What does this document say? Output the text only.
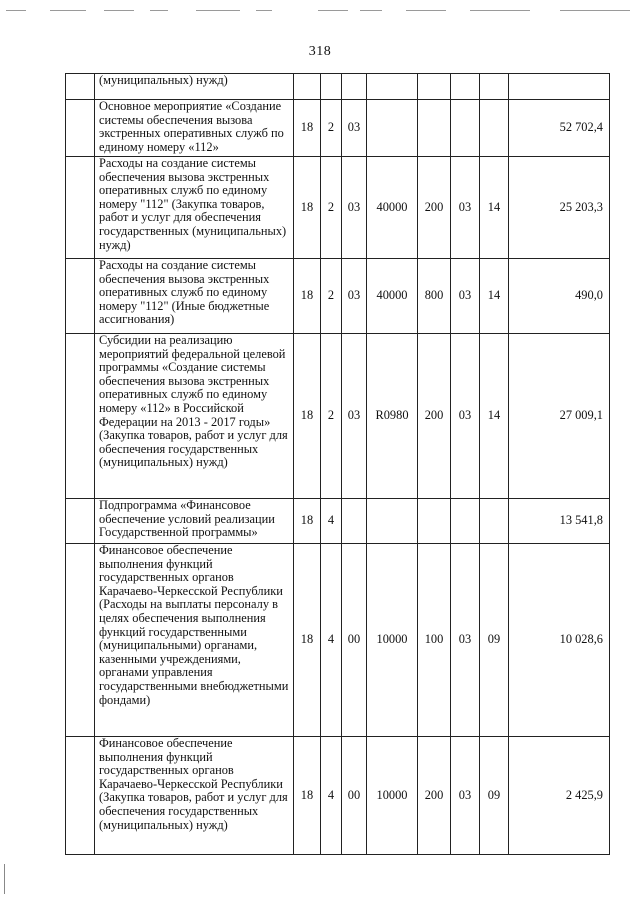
318
	(муниципальных) нужд)								
	Основное мероприятие «Создание системы обеспечения вызова экстренных оперативных служб по единому номеру «112»	18	2	03					52 702,4
	Расходы на создание системы обеспечения вызова экстренных оперативных служб по единому номеру "112" (Закупка товаров, работ и услуг для обеспечения государственных (муниципальных) нужд)	18	2	03	40000	200	03	14	25 203,3
	Расходы на создание системы обеспечения вызова экстренных оперативных служб по единому номеру "112" (Иные бюджетные ассигнования)	18	2	03	40000	800	03	14	490,0
	Субсидии на реализацию мероприятий федеральной целевой программы «Создание системы обеспечения вызова экстренных оперативных служб по единому номеру «112» в Российской Федерации на 2013 - 2017 годы» (Закупка товаров, работ и услуг для обеспечения государственных (муниципальных) нужд)	18	2	03	R0980	200	03	14	27 009,1
	Подпрограмма «Финансовое обеспечение условий реализации Государственной программы»	18	4						13 541,8
	Финансовое обеспечение выполнения функций государственных органов Карачаево-Черкесской Республики (Расходы на выплаты персоналу в целях обеспечения выполнения функций государственными (муниципальными) органами, казенными учреждениями, органами управления государственными внебюджетными фондами)	18	4	00	10000	100	03	09	10 028,6
	Финансовое обеспечение выполнения функций государственных органов Карачаево-Черкесской Республики (Закупка товаров, работ и услуг для обеспечения государственных (муниципальных) нужд)	18	4	00	10000	200	03	09	2 425,9
